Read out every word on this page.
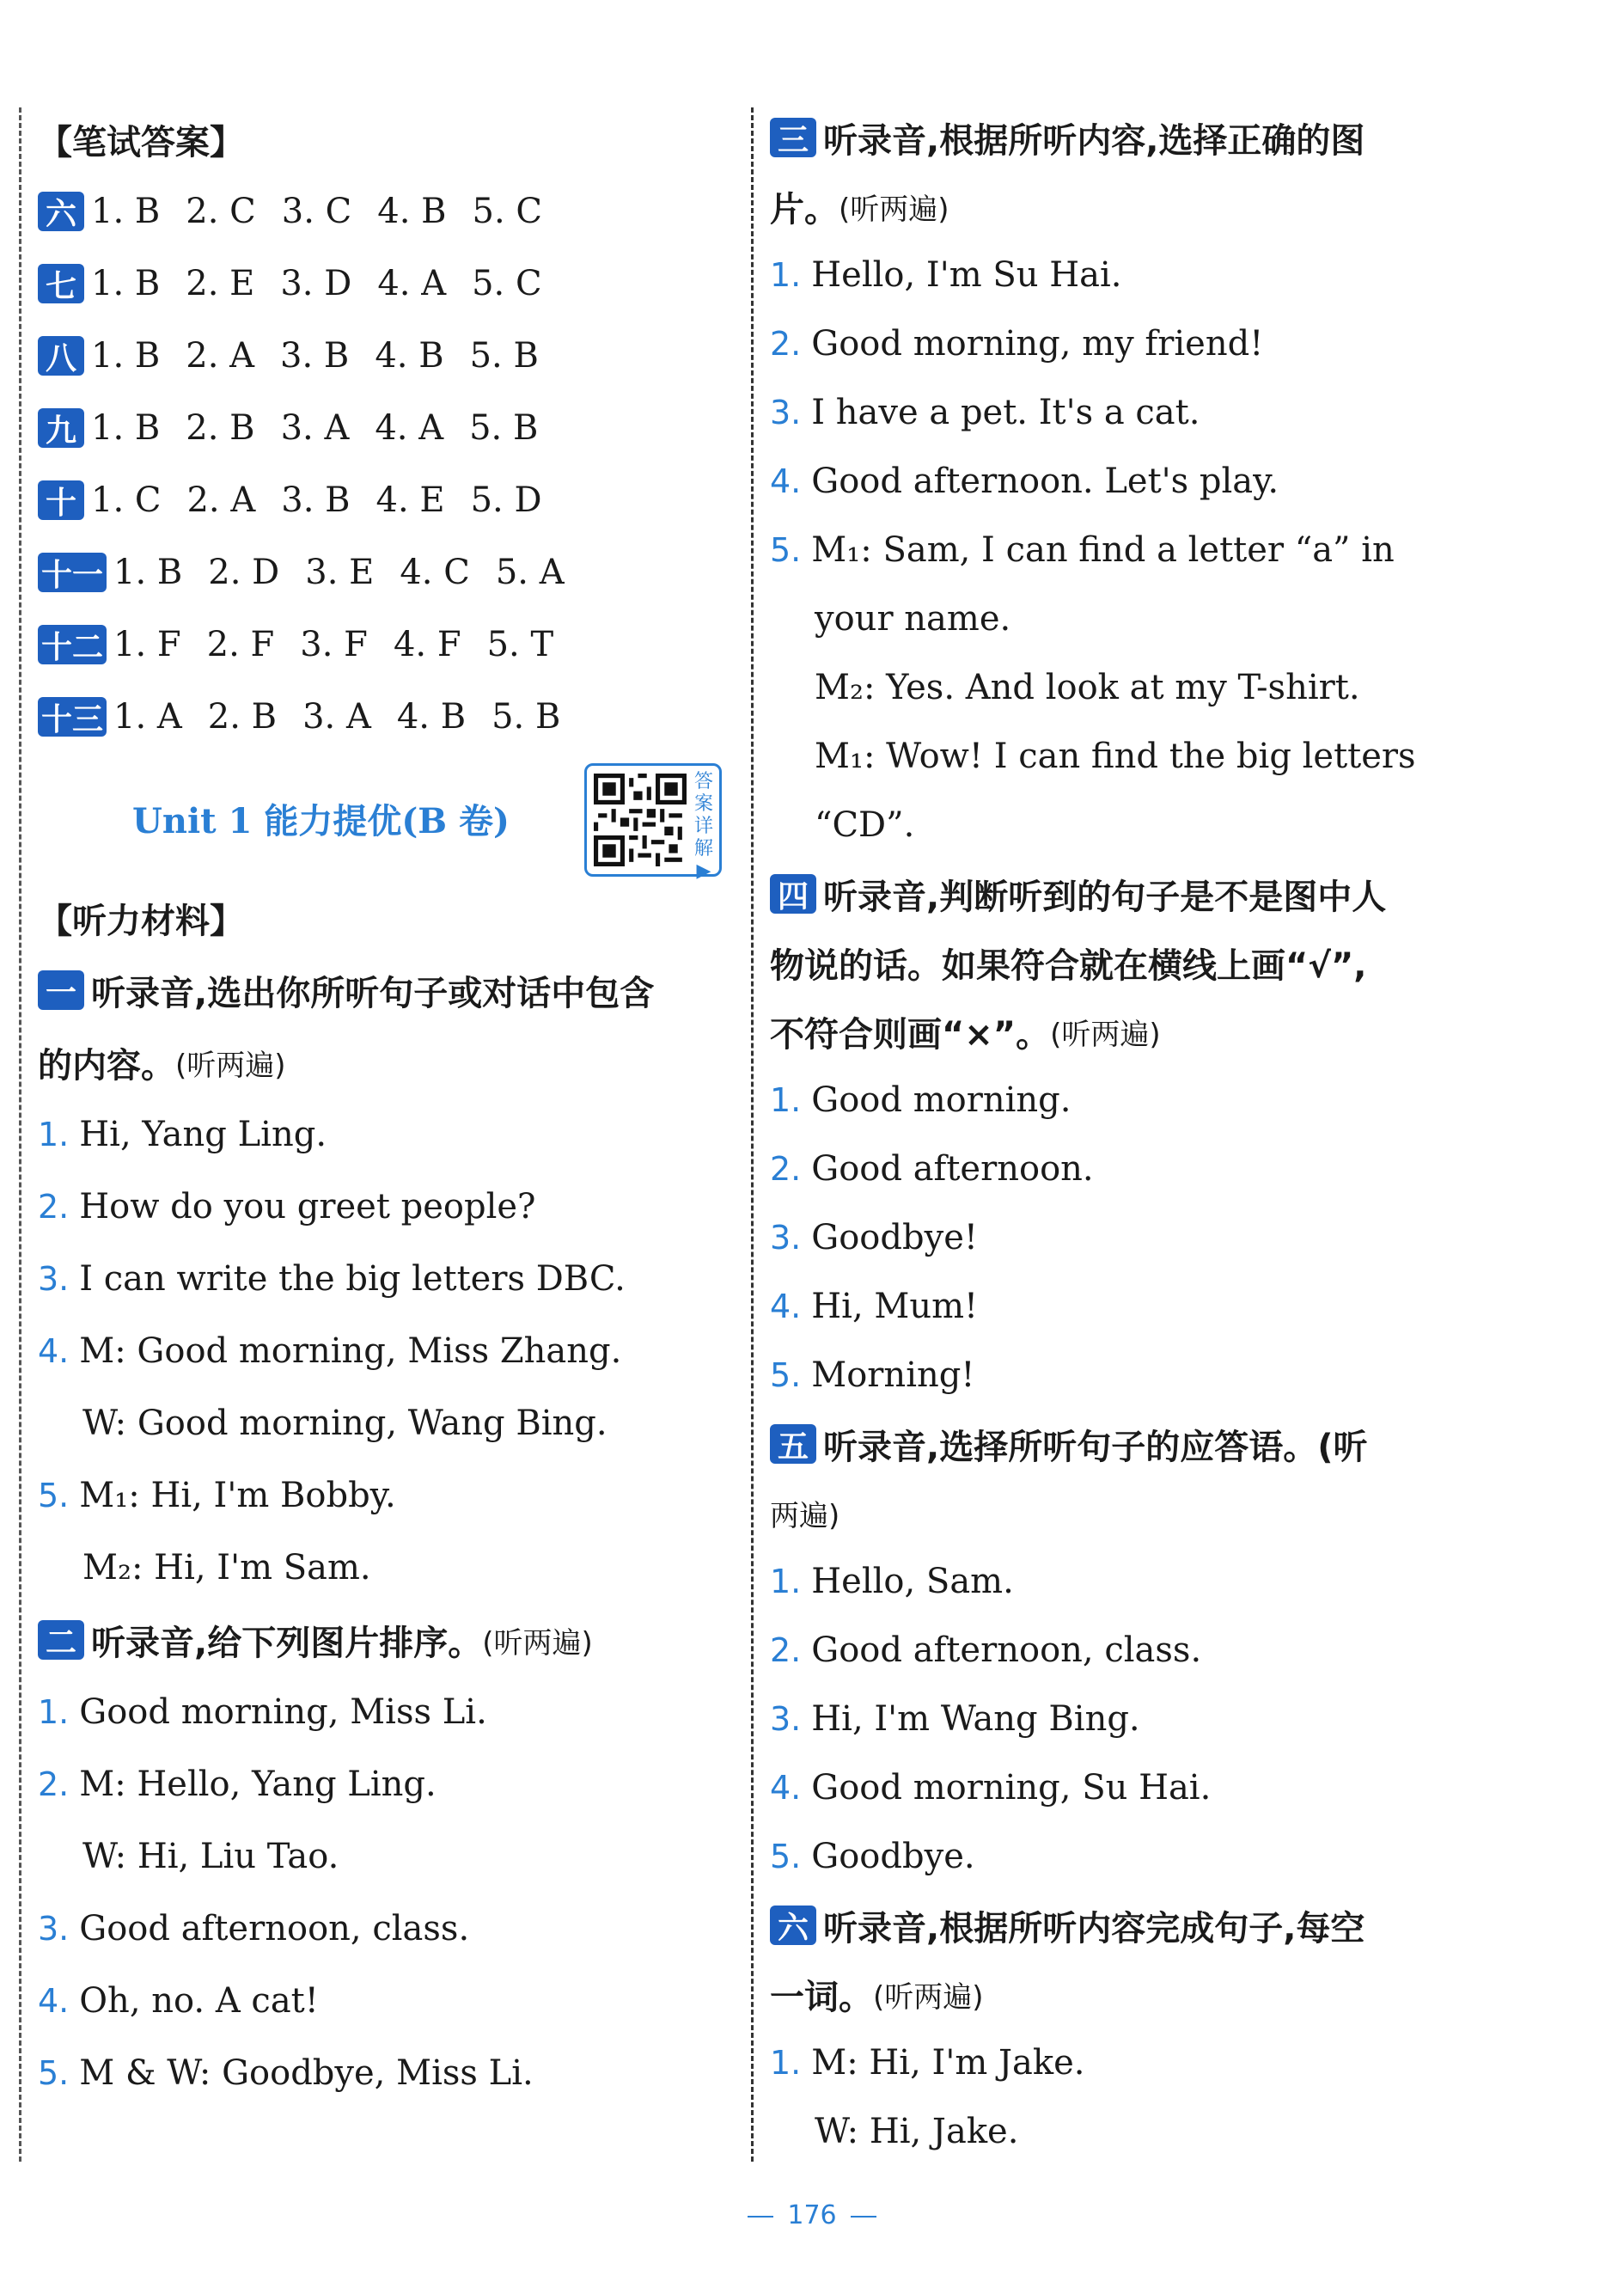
【笔试答案】
六 1. B 2. C 3. C 4. B 5. C
七 1. B 2. E 3. D 4. A 5. C
八 1. B 2. A 3. B 4. B 5. B
九 1. B 2. B 3. A 4. A 5. B
十 1. C 2. A 3. B 4. E 5. D
十一 1. B 2. D 3. E 4. C 5. A
十二 1. F 2. F 3. F 4. F 5. T
十三 1. A 2. B 3. A 4. B 5. B
Unit 1 能力提优(B 卷)
答
案
详
解
▶
【听力材料】
一 听录音,选出你所听句子或对话中包含
的内容。 (听两遍)
1. Hi, Yang Ling.
2. How do you greet people?
3. I can write the big letters DBC.
4. M: Good morning, Miss Zhang.
W: Good morning, Wang Bing.
5. M₁: Hi, I'm Bobby.
M₂: Hi, I'm Sam.
二 听录音,给下列图片排序。 (听两遍)
1. Good morning, Miss Li.
2. M: Hello, Yang Ling.
W: Hi, Liu Tao.
3. Good afternoon, class.
4. Oh, no. A cat!
5. M & W: Goodbye, Miss Li.
三 听录音,根据所听内容,选择正确的图
片。 (听两遍)
1. Hello, I'm Su Hai.
2. Good morning, my friend!
3. I have a pet. It's a cat.
4. Good afternoon. Let's play.
5. M₁: Sam, I can find a letter “a” in
your name.
M₂: Yes. And look at my T-shirt.
M₁: Wow! I can find the big letters
“CD”.
四 听录音,判断听到的句子是不是图中人
物说的话。如果符合就在横线上画“√”,
不符合则画“×”。 (听两遍)
1. Good morning.
2. Good afternoon.
3. Goodbye!
4. Hi, Mum!
5. Morning!
五 听录音,选择所听句子的应答语。(听
两遍)
1. Hello, Sam.
2. Good afternoon, class.
3. Hi, I'm Wang Bing.
4. Good morning, Su Hai.
5. Goodbye.
六 听录音,根据所听内容完成句子,每空
一词。 (听两遍)
1. M: Hi, I'm Jake.
W: Hi, Jake.
176
